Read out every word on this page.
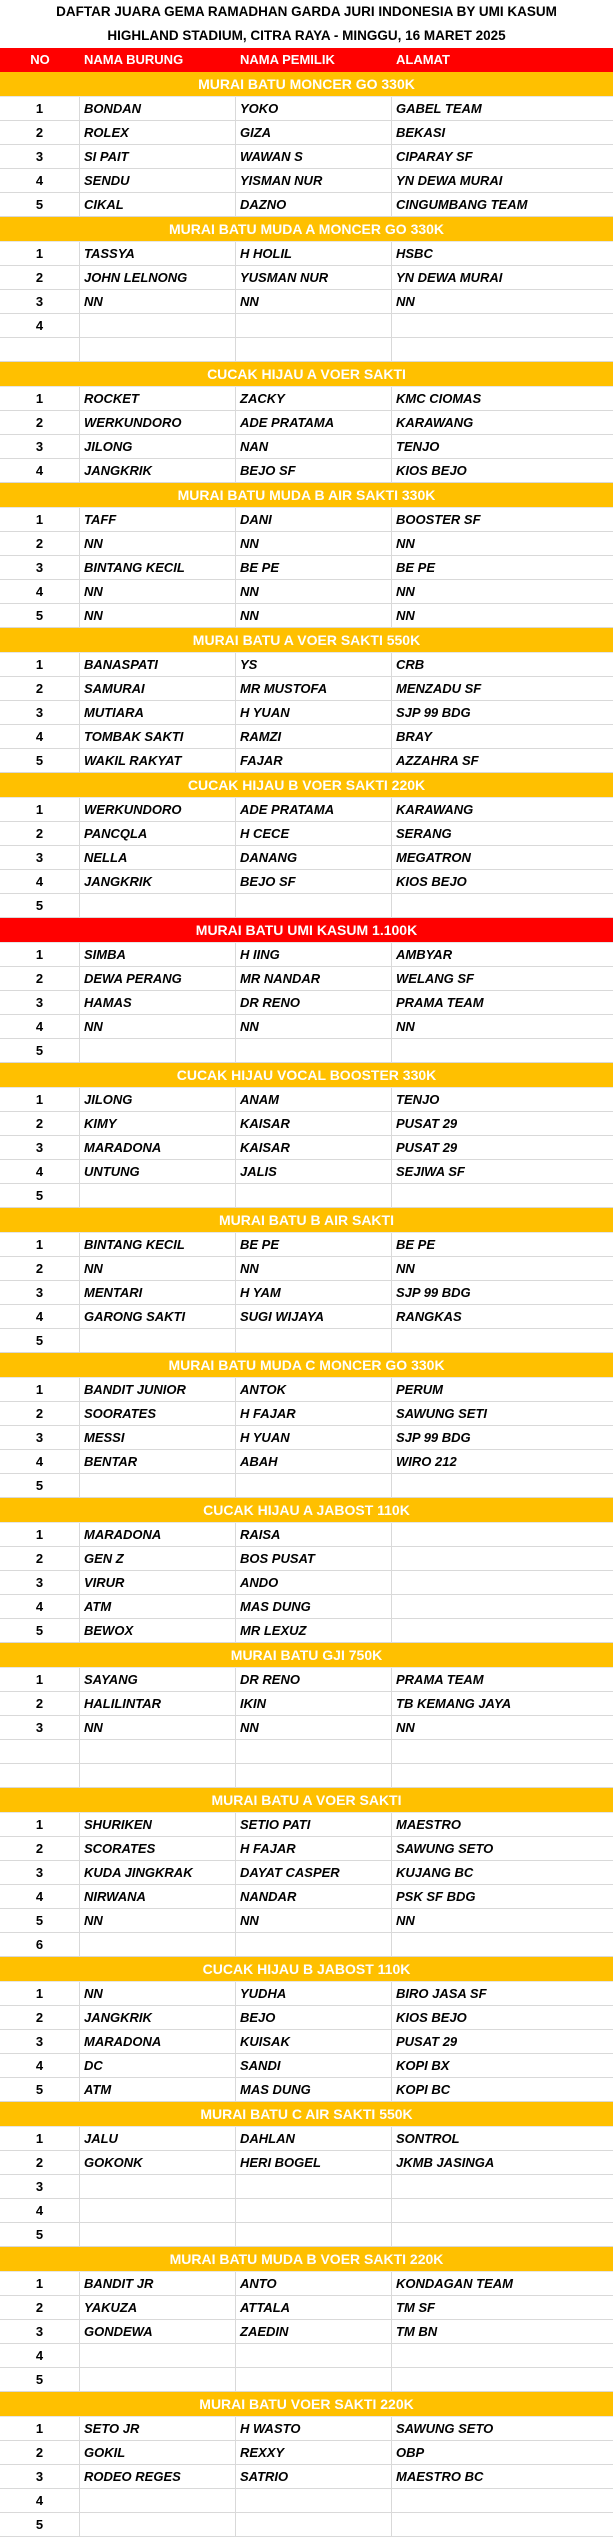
DAFTAR JUARA GEMA RAMADHAN GARDA JURI INDONESIA BY UMI KASUM
HIGHLAND STADIUM, CITRA RAYA - MINGGU, 16 MARET 2025
NO	NAMA BURUNG	NAMA PEMILIK	ALAMAT
MURAI BATU MONCER GO 330K
1	BONDAN	YOKO	GABEL TEAM
2	ROLEX	GIZA	BEKASI
3	SI PAIT	WAWAN S	CIPARAY SF
4	SENDU	YISMAN NUR	YN DEWA MURAI
5	CIKAL	DAZNO	CINGUMBANG TEAM
MURAI BATU MUDA A MONCER GO 330K
1	TASSYA	H HOLIL	HSBC
2	JOHN LELNONG	YUSMAN NUR	YN DEWA MURAI
3	NN	NN	NN
4
CUCAK HIJAU A VOER SAKTI
1	ROCKET	ZACKY	KMC CIOMAS
2	WERKUNDORO	ADE PRATAMA	KARAWANG
3	JILONG	NAN	TENJO
4	JANGKRIK	BEJO SF	KIOS BEJO
MURAI BATU MUDA B AIR SAKTI 330K
1	TAFF	DANI	BOOSTER SF
2	NN	NN	NN
3	BINTANG KECIL	BE PE	BE PE
4	NN	NN	NN
5	NN	NN	NN
MURAI BATU A VOER SAKTI 550K
1	BANASPATI	YS	CRB
2	SAMURAI	MR MUSTOFA	MENZADU SF
3	MUTIARA	H YUAN	SJP 99 BDG
4	TOMBAK SAKTI	RAMZI	BRAY
5	WAKIL RAKYAT	FAJAR	AZZAHRA SF
CUCAK HIJAU B VOER SAKTI 220K
1	WERKUNDORO	ADE PRATAMA	KARAWANG
2	PANCQLA	H CECE	SERANG
3	NELLA	DANANG	MEGATRON
4	JANGKRIK	BEJO SF	KIOS BEJO
5
MURAI BATU UMI KASUM 1.100K
1	SIMBA	H IING	AMBYAR
2	DEWA PERANG	MR NANDAR	WELANG SF
3	HAMAS	DR RENO	PRAMA TEAM
4	NN	NN	NN
5
CUCAK HIJAU VOCAL BOOSTER 330K
1	JILONG	ANAM	TENJO
2	KIMY	KAISAR	PUSAT 29
3	MARADONA	KAISAR	PUSAT 29
4	UNTUNG	JALIS	SEJIWA SF
5
MURAI BATU B AIR SAKTI
1	BINTANG KECIL	BE PE	BE PE
2	NN	NN	NN
3	MENTARI	H YAM	SJP 99 BDG
4	GARONG SAKTI	SUGI WIJAYA	RANGKAS
5
MURAI BATU MUDA C MONCER GO 330K
1	BANDIT JUNIOR	ANTOK	PERUM
2	SOORATES	H FAJAR	SAWUNG SETI
3	MESSI	H YUAN	SJP 99 BDG
4	BENTAR	ABAH	WIRO 212
5
CUCAK HIJAU A JABOST 110K
1	MARADONA	RAISA
2	GEN Z	BOS PUSAT
3	VIRUR	ANDO
4	ATM	MAS DUNG
5	BEWOX	MR LEXUZ
MURAI BATU GJI 750K
1	SAYANG	DR RENO	PRAMA TEAM
2	HALILINTAR	IKIN	TB KEMANG JAYA
3	NN	NN	NN
MURAI BATU A VOER SAKTI
1	SHURIKEN	SETIO PATI	MAESTRO
2	SCORATES	H FAJAR	SAWUNG SETO
3	KUDA JINGKRAK	DAYAT CASPER	KUJANG BC
4	NIRWANA	NANDAR	PSK SF BDG
5	NN	NN	NN
6
CUCAK HIJAU B JABOST 110K
1	NN	YUDHA	BIRO JASA SF
2	JANGKRIK	BEJO	KIOS BEJO
3	MARADONA	KUISAK	PUSAT 29
4	DC	SANDI	KOPI BX
5	ATM	MAS DUNG	KOPI BC
MURAI BATU C AIR SAKTI 550K
1	JALU	DAHLAN	SONTROL
2	GOKONK	HERI BOGEL	JKMB JASINGA
3
4
5
MURAI BATU MUDA B VOER SAKTI 220K
1	BANDIT JR	ANTO	KONDAGAN TEAM
2	YAKUZA	ATTALA	TM SF
3	GONDEWA	ZAEDIN	TM BN
4
5
MURAI BATU VOER SAKTI 220K
1	SETO JR	H WASTO	SAWUNG SETO
2	GOKIL	REXXY	OBP
3	RODEO REGES	SATRIO	MAESTRO BC
4
5
